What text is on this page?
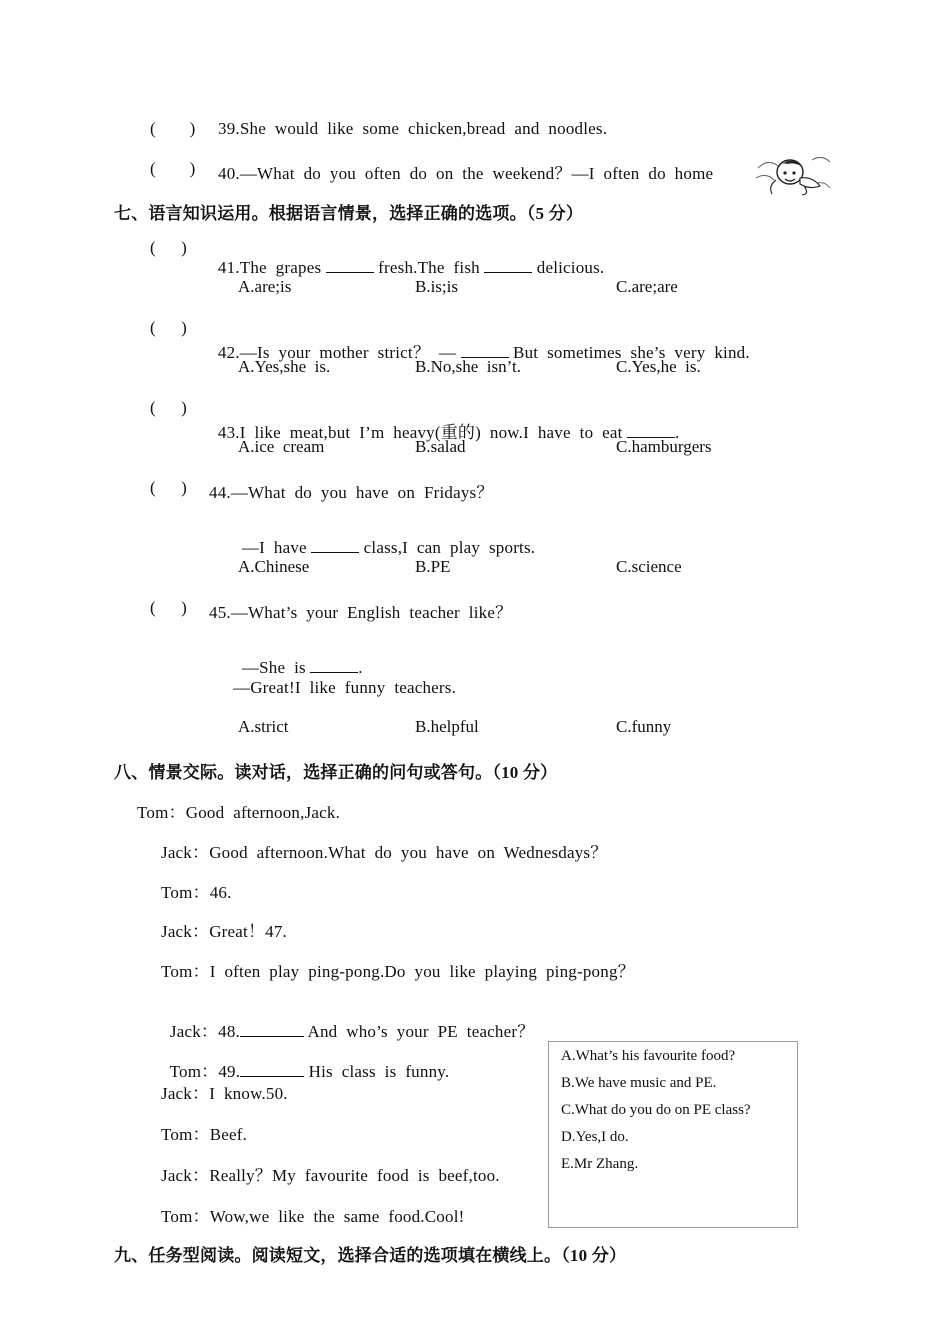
(        ) 39.She  would  like  some  chicken,bread  and  noodles.
(        ) 40.—What  do  you  often  do  on  the  weekend？—I  often  do  home
七、语言知识运用。根据语言情景，选择正确的选项。（5 分）
(      )

41.The  grapes	fresh.The  fish	delicious.

A.are;is	B.is;is	C.are;are
(      )

42.—Is  your  mother  strict？  —	But  sometimes  she’s  very  kind.

A.Yes,she  is.	B.No,she  isn’t.	C.Yes,he  is.
(      )

43.I  like  meat,but  I’m  heavy(重的)  now.I  have  to  eat	.

A.ice  cream	B.salad	C.hamburgers
(      ) 44.—What  do  you  have  on  Fridays？

—I  have	class,I  can  play  sports.

A.Chinese	B.PE	C.science
(      ) 45.—What’s  your  English  teacher  like？

—She  is	.

—Great!I  like  funny  teachers.
A.strict	B.helpful	C.funny
八、情景交际。读对话，选择正确的问句或答句。（10 分）
Tom：Good  afternoon,Jack.
Jack：Good  afternoon.What  do  you  have  on  Wednesdays？
Tom：46.
Jack：Great！47.
Tom：I  often  play  ping-pong.Do  you  like  playing  ping-pong？

Jack：48.	And  who’s  your  PE  teacher？

Tom：49.	His  class  is  funny.

Jack：I  know.50.
Tom：Beef.
Jack：Really？My  favourite  food  is  beef,too.
Tom：Wow,we  like  the  same  food.Cool!
A.What’s his favourite food?
B.We have music and PE.
C.What do you do on PE class?
D.Yes,I do.
E.Mr Zhang.
九、任务型阅读。阅读短文，选择合适的选项填在横线上。（10 分）
